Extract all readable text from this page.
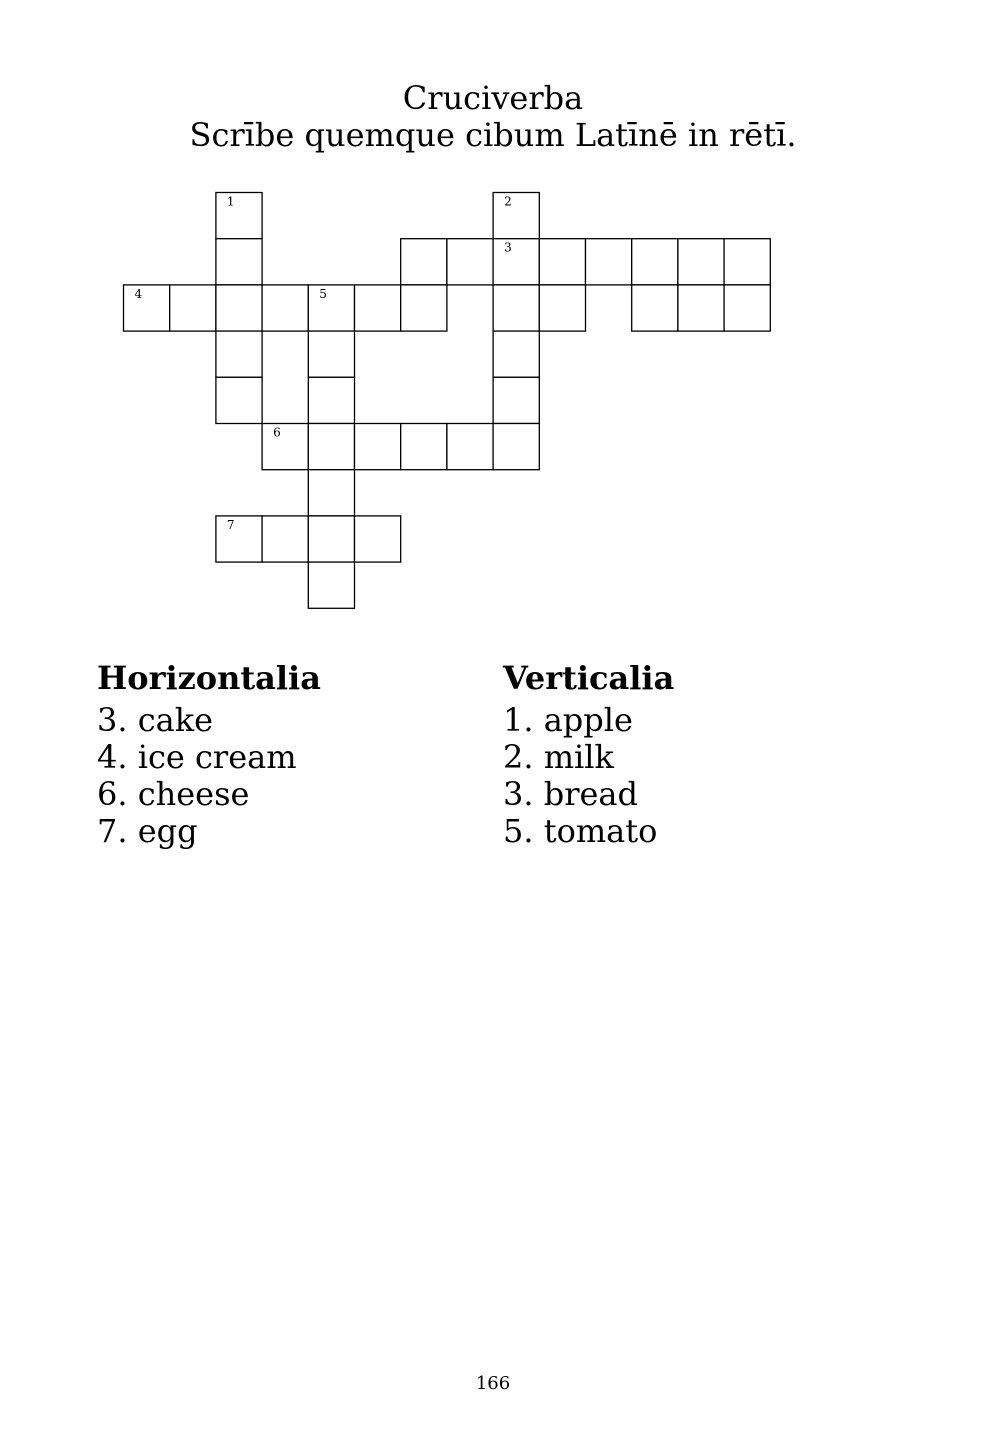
Cruciverba
Scrībe quemque cibum Latīnē in rētī.
1	2
3
4	5
6
7
Horizontalia
3. cake
4. ice cream
6. cheese
7. egg
Verticalia
1. apple
2. milk
3. bread
5. tomato
166
